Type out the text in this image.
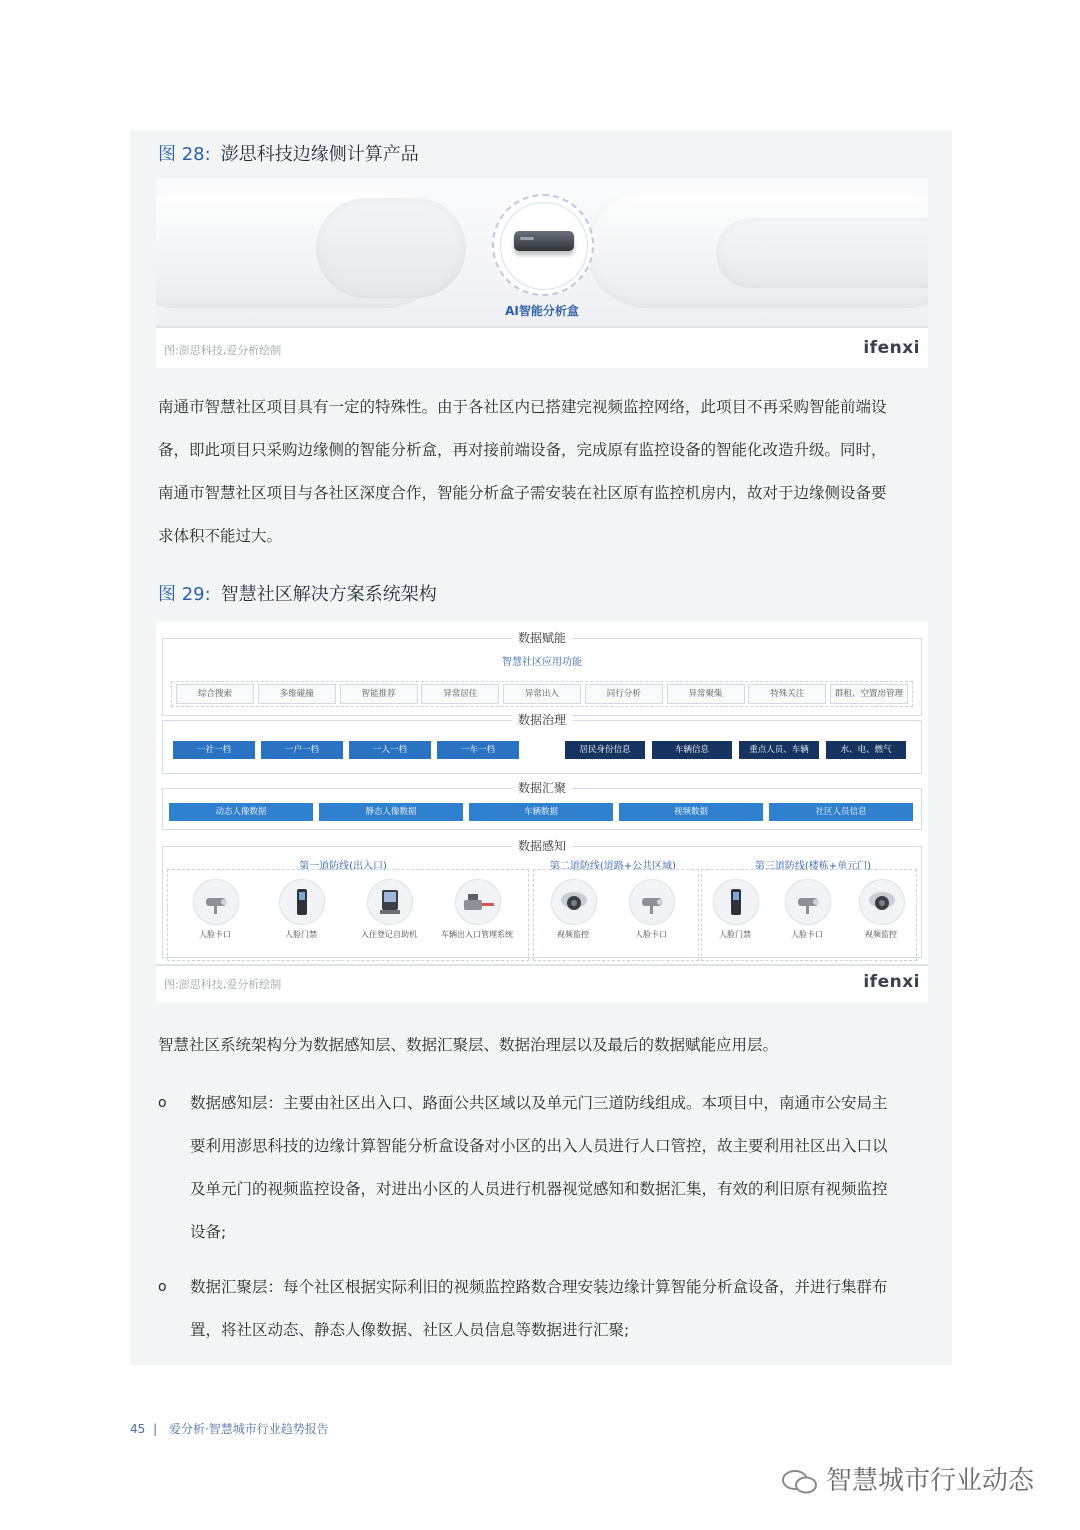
图 28: 澎思科技边缘侧计算产品
AI智能分析盒
图:澎思科技,爱分析绘制	ifenxi
南通市智慧社区项目具有一定的特殊性。由于各社区内已搭建完视频监控网络，此项目不再采购智能前端设
备，即此项目只采购边缘侧的智能分析盒，再对接前端设备，完成原有监控设备的智能化改造升级。同时，
南通市智慧社区项目与各社区深度合作，智能分析盒子需安装在社区原有监控机房内，故对于边缘侧设备要
求体积不能过大。
图 29: 智慧社区解决方案系统架构
数据赋能
智慧社区应用功能
综合搜索	多维碰撞	智能推荐	异常居住	异常出入	同行分析	异常聚集	特殊关注	群租、空置房管理
数据治理
一社一档	一户一档	一人一档	一车一档	居民身份信息	车辆信息	重点人员、车辆	水、电、燃气
数据汇聚
动态人像数据	静态人像数据	车辆数据	视频数据	社区人员信息
数据感知
第一道防线(出入口)	第二道防线(道路+公共区域)	第三道防线(楼栋+单元门)
人脸卡口	人脸门禁	入住登记自助机	车辆出入口管理系统	视频监控	人脸卡口	人脸门禁	人脸卡口	视频监控
图:澎思科技,爱分析绘制	ifenxi
智慧社区系统架构分为数据感知层、数据汇聚层、数据治理层以及最后的数据赋能应用层。
o 数据感知层：主要由社区出入口、路面公共区域以及单元门三道防线组成。本项目中，南通市公安局主
要利用澎思科技的边缘计算智能分析盒设备对小区的出入人员进行人口管控，故主要利用社区出入口以
及单元门的视频监控设备，对进出小区的人员进行机器视觉感知和数据汇集，有效的利旧原有视频监控
设备;
o 数据汇聚层：每个社区根据实际利旧的视频监控路数合理安装边缘计算智能分析盒设备，并进行集群布
置，将社区动态、静态人像数据、社区人员信息等数据进行汇聚;
45 | 爱分析·智慧城市行业趋势报告
智慧城市行业动态
